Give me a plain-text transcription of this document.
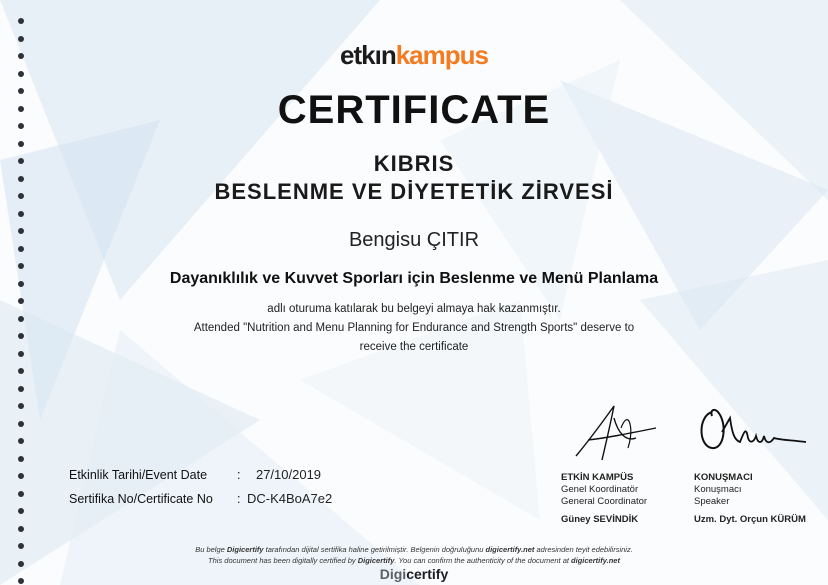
etkınkampus
CERTIFICATE
KIBRIS
BESLENME VE DİYETETİK ZİRVESİ
Bengisu ÇITIR
Dayanıklılık ve Kuvvet Sporları için Beslenme ve Menü Planlama
adlı oturuma katılarak bu belgeyi almaya hak kazanmıştır.
Attended "Nutrition and Menu Planning for Endurance and Strength Sports" deserve to
receive the certificate
Etkinlik Tarihi/Event Date : 27/10/2019
Sertifika No/Certificate No : DC-K4BoA7e2
ETKİN KAMPÜS
Genel Koordinatör
General Coordinator
Güney SEVİNDİK
KONUŞMACI
Konuşmacı
Speaker
Uzm. Dyt. Orçun KÜRÜM
Bu belge Digicertify tarafından dijital sertifika haline getirilmiştir. Belgenin doğruluğunu digicertify.net adresinden teyit edebilirsiniz.
This document has been digitally certified by Digicertify. You can confirm the authenticity of the document at digicertify.net
Digicertify
